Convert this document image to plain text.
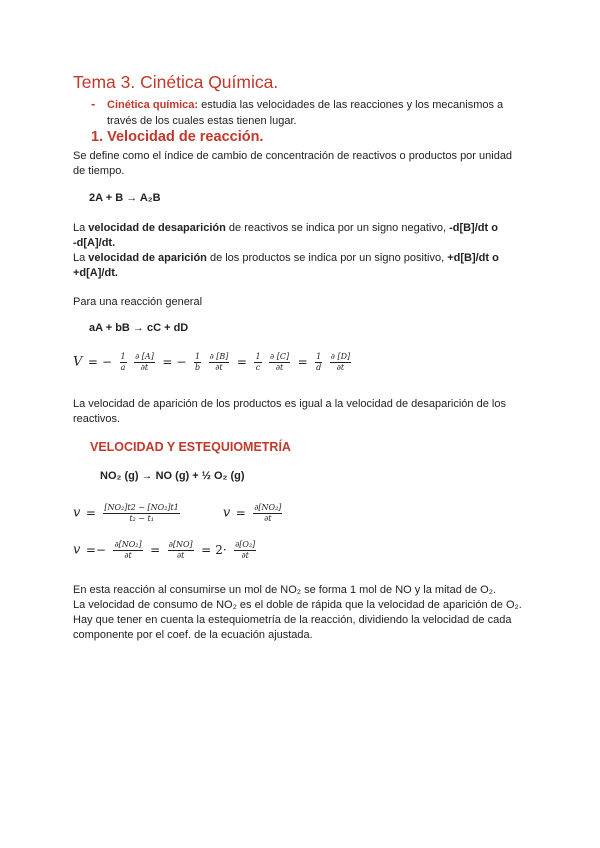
Tema 3. Cinética Química.
- Cinética química: estudia las velocidades de las reacciones y los mecanismos a
través de los cuales estas tienen lugar.
1. Velocidad de reacción.
Se define como el índice de cambio de concentración de reactivos o productos por unidad
de tiempo.
2A + B → A₂B
La velocidad de desaparición de reactivos se indica por un signo negativo, -d[B]/dt o
-d[A]/dt.
La velocidad de aparición de los productos se indica por un signo positivo, +d[B]/dt o
+d[A]/dt.
Para una reacción general
aA + bB → cC + dD
V = − $\frac{1}{a}$
$\frac{\partial [A]}{\partial t}$ = − $\frac{1}{b}$
$\frac{\partial [B]}{\partial t} = \frac{1}{c}$
$\frac{\partial [C]}{\partial t} = \frac{1}{d}$
$\frac{\partial [D]}{\partial t}$
La velocidad de aparición de los productos es igual a la velocidad de desaparición de los
reactivos.
VELOCIDAD Y ESTEQUIOMETRÍA
NO₂ (g) → NO (g) + ½ O₂ (g)
$v = \frac{\text{[NO₂]t2 − [NO₂]t1}}{\text{t₂ − t₁}}$	$v = \frac{\text{∂[NO₂]}}{\partial t}$
$v =- \frac{\text{∂[NO₂]}}{\partial t} = \frac{\partial[NO]}{\partial t} = 2\cdot \frac{\text{∂[O₂]}}{\partial t}$
En esta reacción al consumirse un mol de NO₂ se forma 1 mol de NO y la mitad de O₂.
La velocidad de consumo de NO₂ es el doble de rápida que la velocidad de aparición de O₂.
Hay que tener en cuenta la estequiometría de la reacción, dividiendo la velocidad de cada
componente por el coef. de la ecuación ajustada.
